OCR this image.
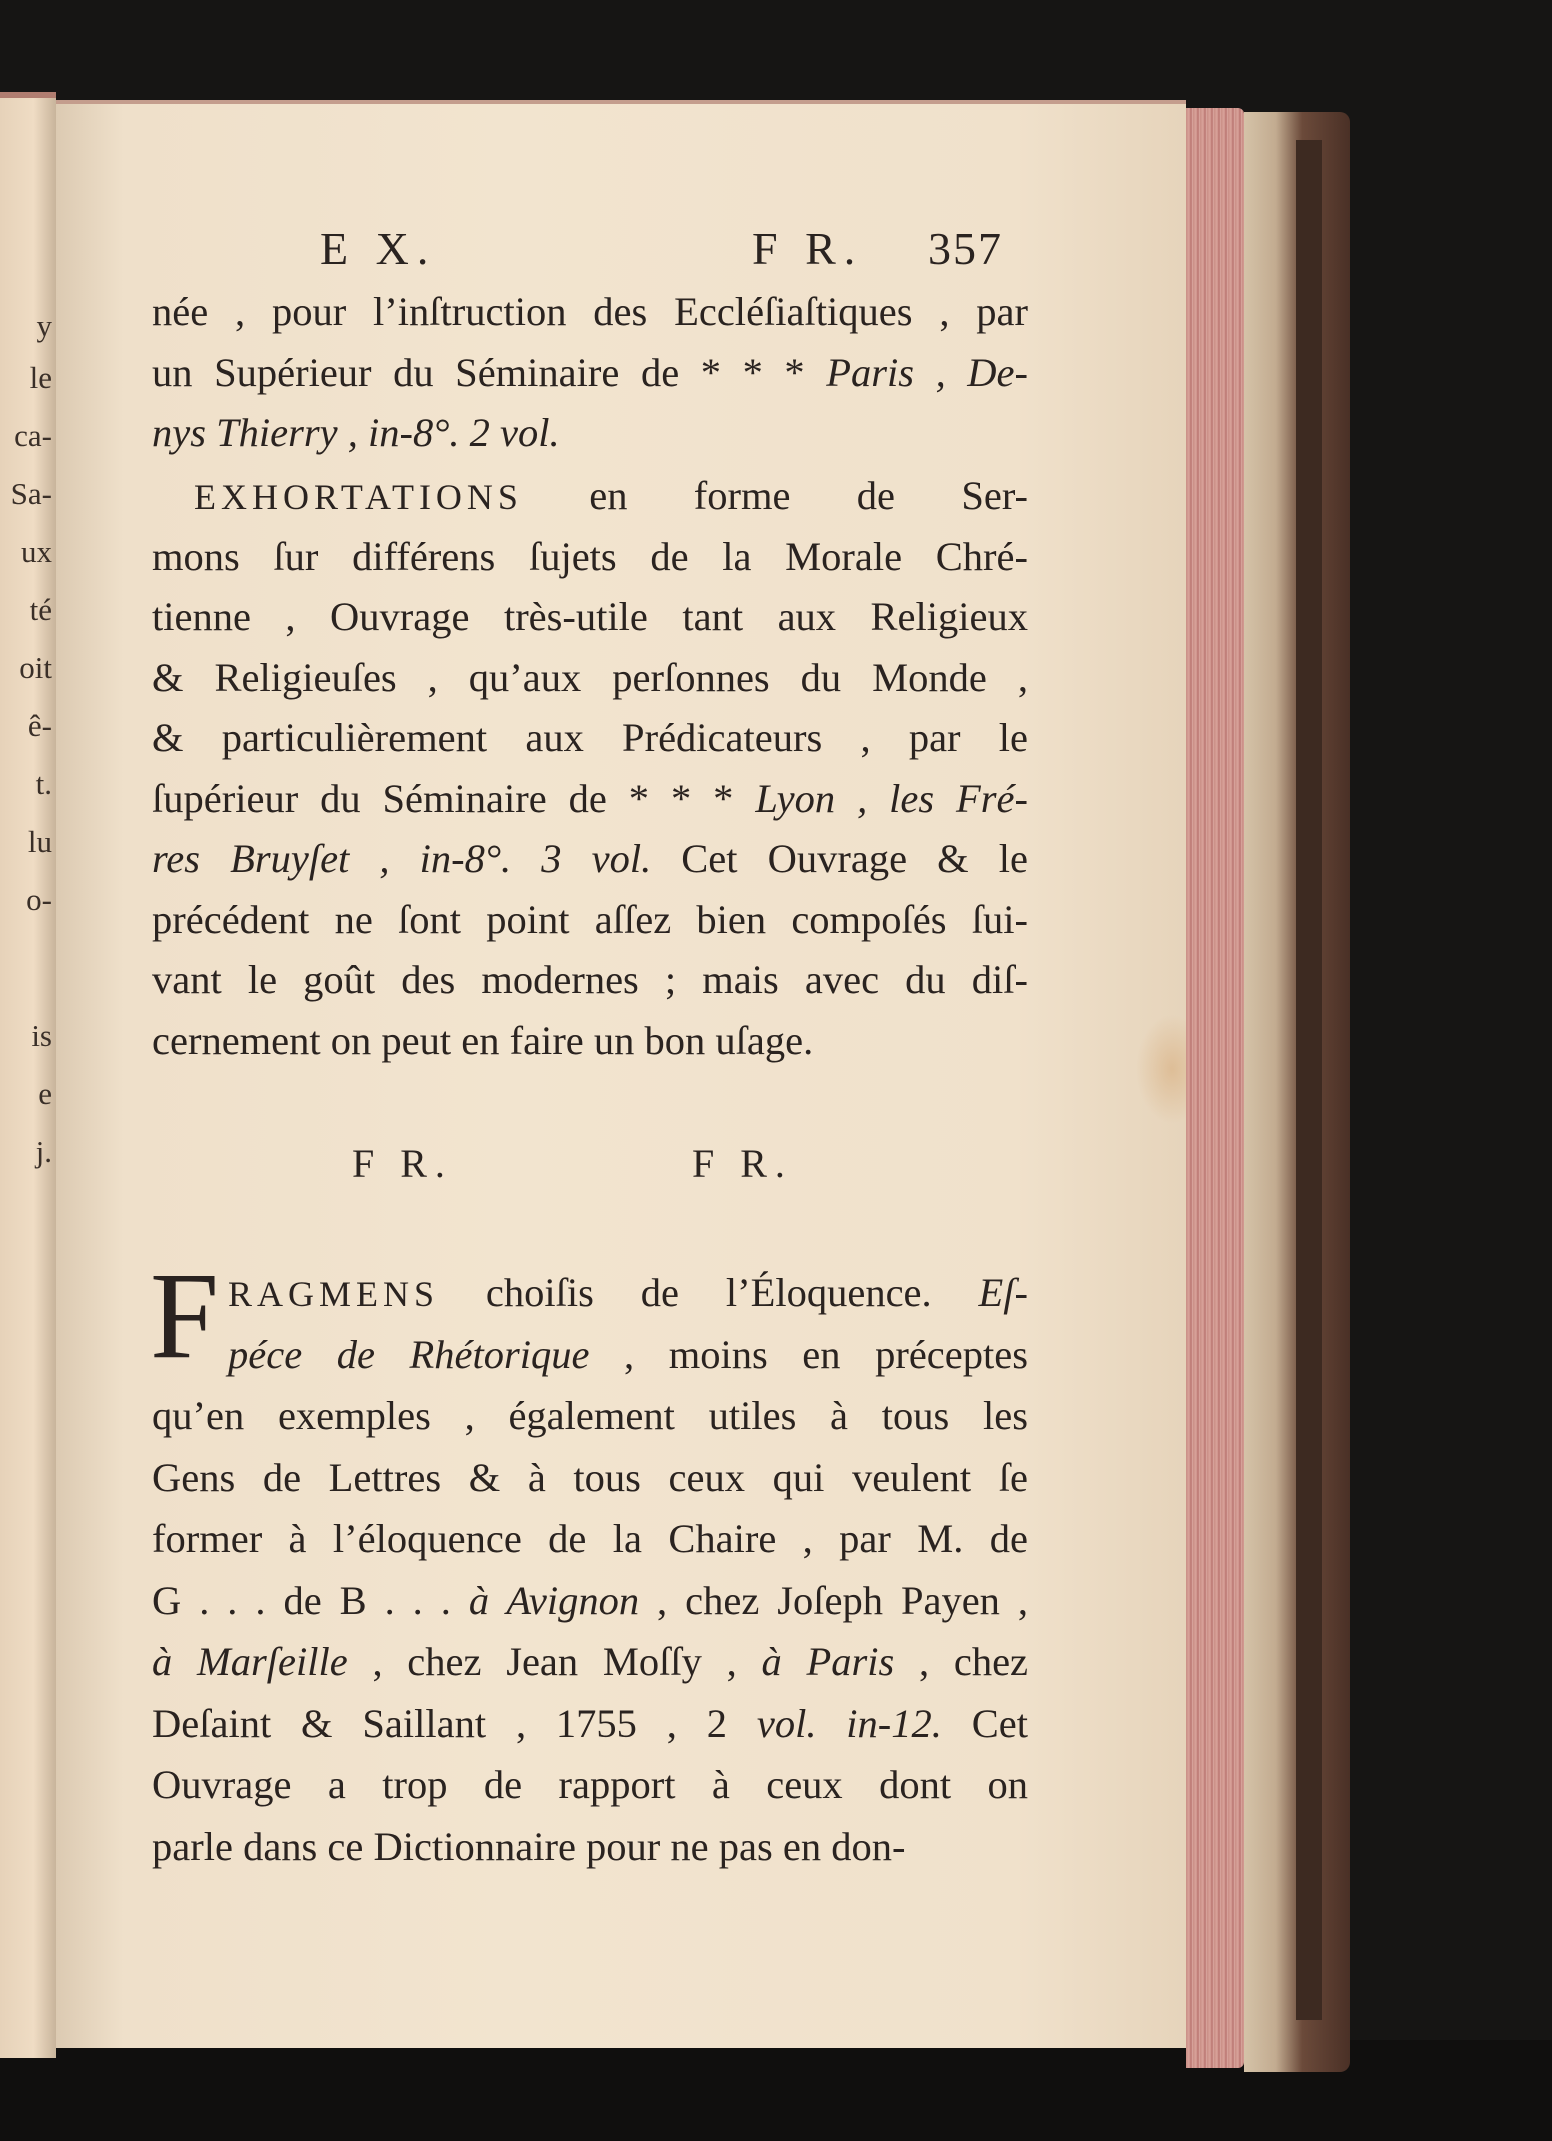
y
le
ca-
Sa-
ux
té
oit
ê-
t.
lu
o-
is
e
j.
E X.	F R. 357
née , pour l’inſtruction des Eccléſiaſtiques , par
un Supérieur du Séminaire de * * * Paris , De-
nys Thierry , in-8°. 2 vol.
EXHORTATIONS en forme de Ser-
mons ſur différens ſujets de la Morale Chré-
tienne , Ouvrage très-utile tant aux Religieux
& Religieuſes , qu’aux perſonnes du Monde ,
& particulièrement aux Prédicateurs , par le
ſupérieur du Séminaire de * * * Lyon , les Fré-
res Bruyſet , in-8°. 3 vol. Cet Ouvrage & le
précédent ne ſont point aſſez bien compoſés ſui-
vant le goût des modernes ; mais avec du diſ-
cernement on peut en faire un bon uſage.
F R.	F R.
F RAGMENS choiſis de l’Éloquence. Eſ-
péce de Rhétorique , moins en préceptes
qu’en exemples , également utiles à tous les
Gens de Lettres & à tous ceux qui veulent ſe
former à l’éloquence de la Chaire , par M. de
G . . . de B . . . à Avignon , chez Joſeph Payen ,
à Marſeille , chez Jean Moſſy , à Paris , chez
Deſaint & Saillant , 1755 , 2 vol. in-12. Cet
Ouvrage a trop de rapport à ceux dont on
parle dans ce Dictionnaire pour ne pas en don-
